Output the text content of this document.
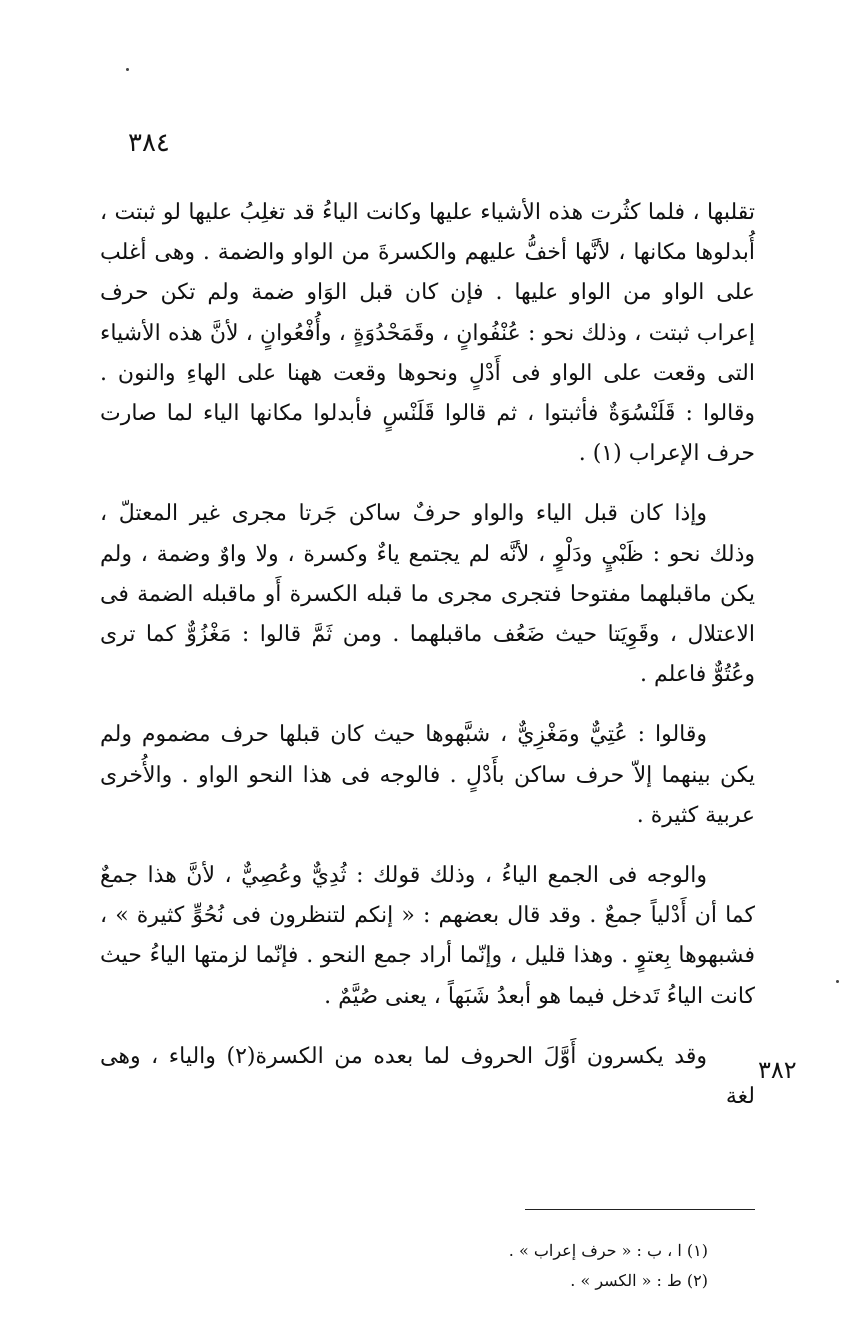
٣٨٤

تقلبها ، فلما كثُرت هذه الأشياء عليها وكانت الياءُ قد تغلِبُ عليها لو ثبتت ، أُبدلوها مكانها ، لأنَّها أخفُّ عليهم والكسرةَ من الواو والضمة . وهى أغلب على الواو من الواو عليها . فإن كان قبل الوَاو ضمة ولم تكن حرف إعراب ثبتت ، وذلك نحو : عُنْفُوانٍ ، وقَمَحْدُوَةٍ ، وأُفْعُوانٍ ، لأنَّ هذه الأشياء التى وقعت على الواو فى أَدْلٍ ونحوها وقعت ههنا على الهاءِ والنون . وقالوا : قَلَنْسُوَةٌ فأثبتوا ، ثم قالوا قَلَنْسٍ فأبدلوا مكانها الياء لما صارت حرف الإعراب (١) .

وإذا كان قبل الياء والواو حرفٌ ساكن جَرتا مجرى غير المعتلّ ، وذلك نحو : ظَبْيٍ ودَلْوٍ ، لأنَّه لم يجتمع ياءٌ وكسرة ، ولا واوٌ وضمة ، ولم يكن ماقبلهما مفتوحا فتجرى مجرى ما قبله الكسرة أَو ماقبله الضمة فى الاعتلال ، وقَوِيَتا حيث ضَعُف ماقبلهما . ومن ثَمَّ قالوا : مَغْزُوٌّ كما ترى وعُتُوٌّ فاعلم .

وقالوا : عُتِيٌّ ومَغْزِيٌّ ، شبَّهوها حيث كان قبلها حرف مضموم ولم يكن بينهما إلاّ حرف ساكن بأَدْلٍ . فالوجه فى هذا النحو الواو . والأُخرى عربية كثيرة .

والوجه فى الجمع الياءُ ، وذلك قولك : ثُدِيٌّ وعُصِيٌّ ، لأنَّ هذا جمعٌ كما أن أَدْلياً جمعٌ . وقد قال بعضهم : « إنكم لتنظرون فى نُحُوٍّ كثيرة » ، فشبهوها بِعتوٍ . وهذا قليل ، وإنّما أراد جمع النحو . فإنّما لزمتها الياءُ حيث كانت الياءُ تَدخل فيما هو أبعدُ شَبَهاً ، يعنى صُيَّمٌ .

وقد يكسرون أَوَّلَ الحروف لما بعده من الكسرة(٢) والياء ، وهى لغة

٣٨٢

(١) ا ، ب : « حرف إعراب » .

(٢) ط : « الكسر » .
